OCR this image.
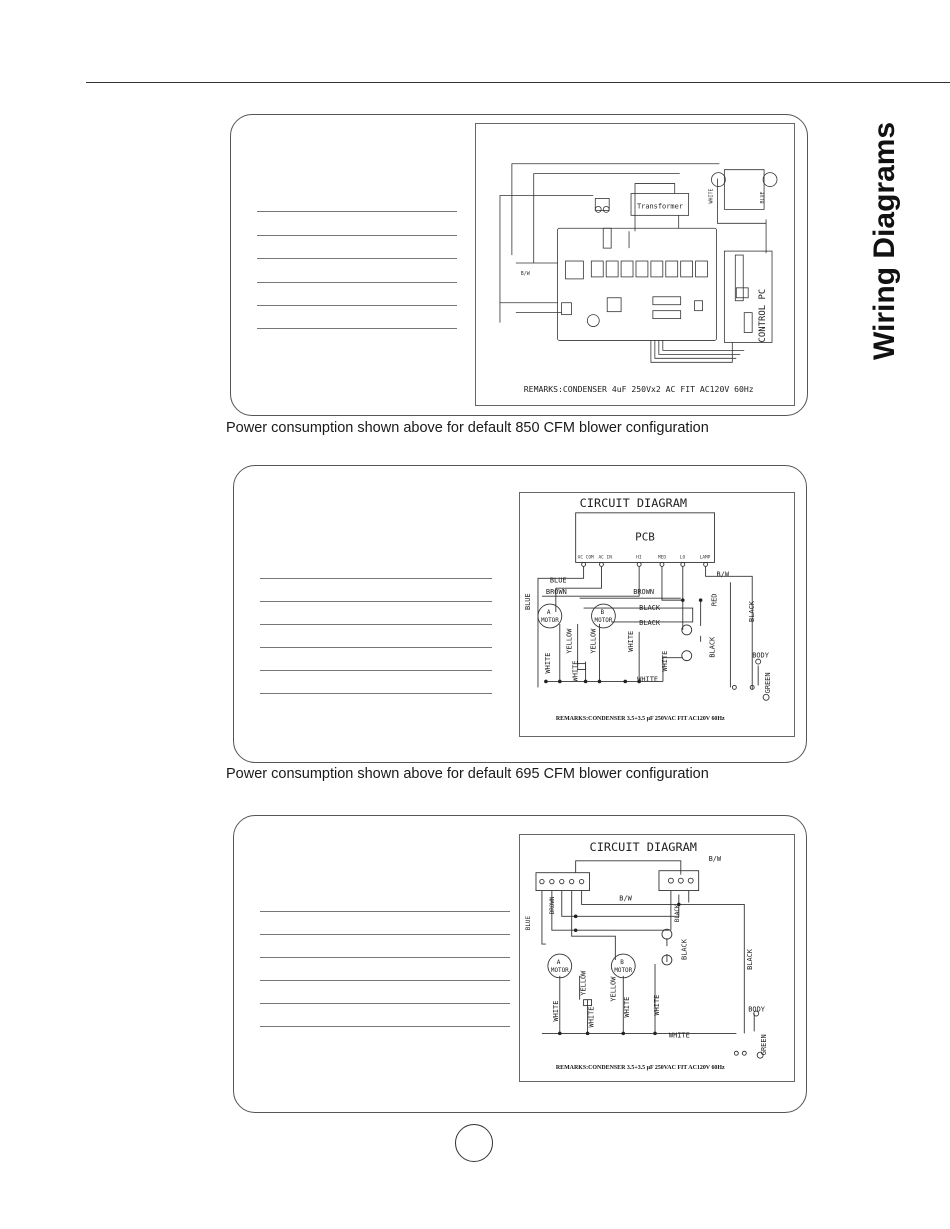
Wiring Diagrams
Transformer
CONTROL PC
B/W
WHITE	BLUE
REMARKS:CONDENSER 4uF 250Vx2 AC FIT AC120V 60Hz
Power consumption shown above for default 850 CFM blower configuration
CIRCUIT DIAGRAM
PCB
AC COM AC IN	HI	MED	LO	LAMP
B/W
BLUE
BROWN	BROWN
BLACK
BLACK
RED
BLACK
BLACK
BLUE
WHITE	WHITE
WHITE
WHITE
WHITE
YELLOW YELLOW
GREEN
BODY
A
MOTOR
B
MOTOR
REMARKS:CONDENSER 3.5+3.5 μF 250VAC FIT AC120V 60Hz
Power consumption shown above for default 695 CFM blower configuration
CIRCUIT DIAGRAM
B/W
B/W
BLUE
BROWN	BLACK
BLACK	BLACK
WHITE	WHITE	WHITE	WHITE
WHITE
YELLOW	YELLOW
GREEN
BODY
A
MOTOR
B
MOTOR
REMARKS:CONDENSER 3.5+3.5 μF 250VAC FIT AC120V 60Hz
